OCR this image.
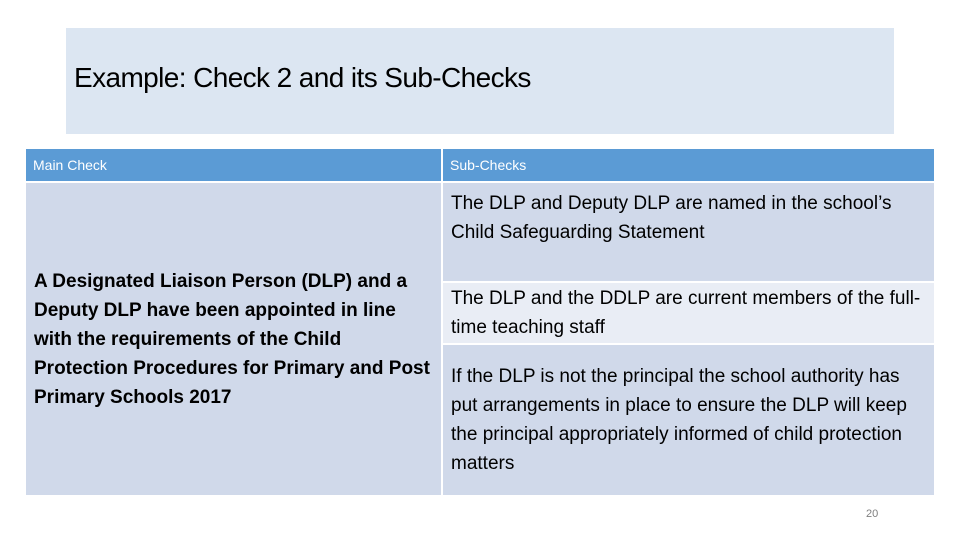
Example: Check 2 and its Sub-Checks
Main Check	Sub-Checks
A Designated Liaison Person (DLP) and a Deputy DLP have been appointed in line with the requirements of the Child Protection Procedures for Primary and Post Primary Schools 2017	The DLP and Deputy DLP are named in the school’s Child Safeguarding Statement
	The DLP and the DDLP are current members of the full-time teaching staff
	If the DLP is not the principal the school authority has put arrangements in place to ensure the DLP will keep the principal appropriately informed of child protection matters
20
